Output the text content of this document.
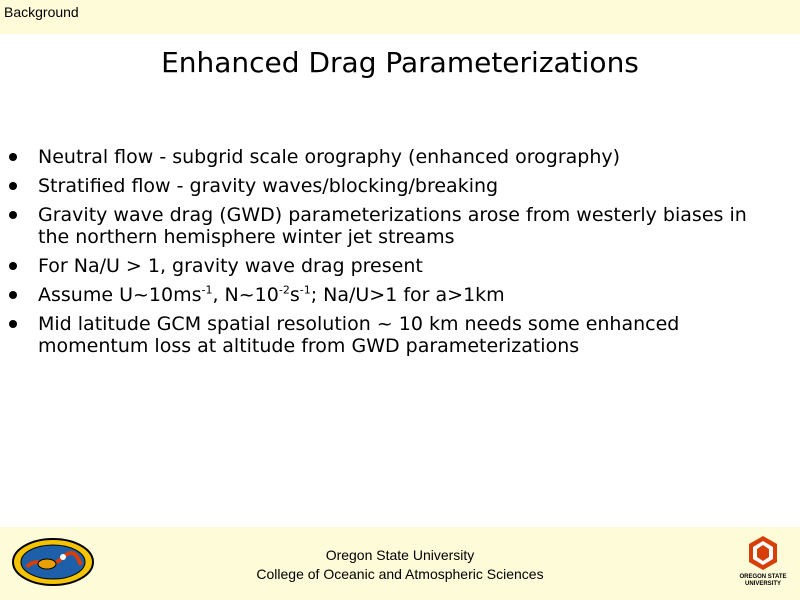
Background
Enhanced Drag Parameterizations
Neutral flow - subgrid scale orography (enhanced orography)
Stratified flow - gravity waves/blocking/breaking
Gravity wave drag (GWD) parameterizations arose from westerly biases in the northern hemisphere winter jet streams
For Na/U > 1, gravity wave drag present
Assume $U\sim 10ms^{-1}$, $N\sim 10^{-2}s^{-1}$; Na/U>1 for a>1km
Mid latitude GCM spatial resolution ~ 10 km needs some enhanced momentum loss at altitude from GWD parameterizations
Oregon State University
College of Oceanic and Atmospheric Sciences	OREGON STATE
UNIVERSITY
